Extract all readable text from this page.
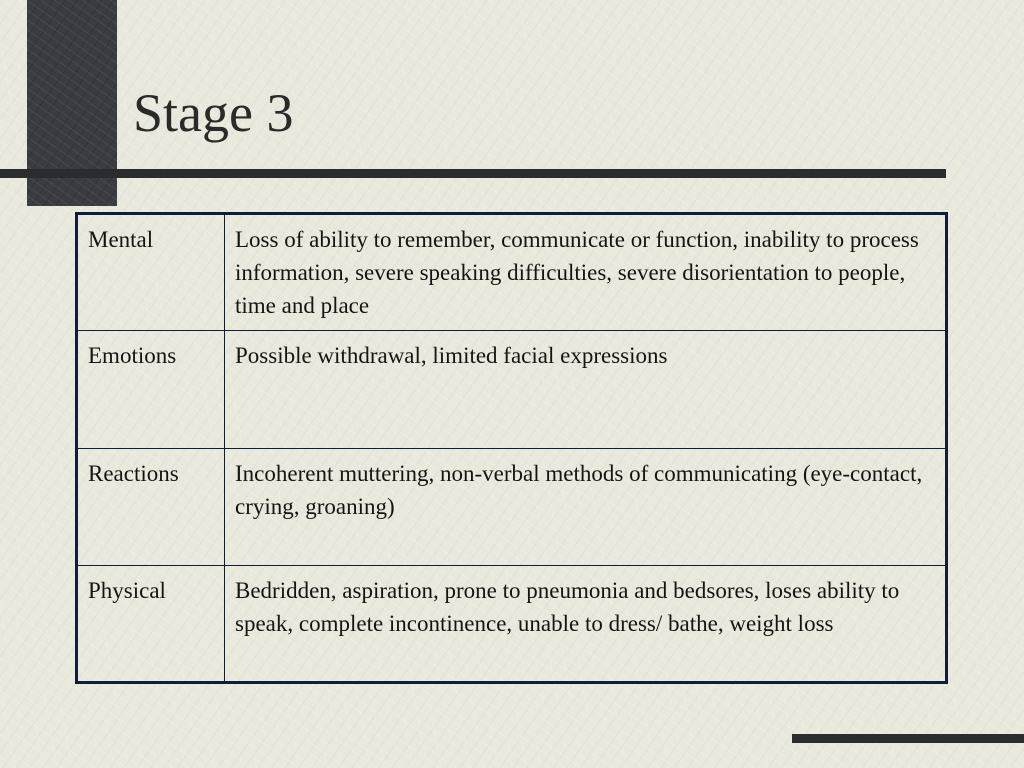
Stage 3
Mental	Loss of ability to remember, communicate or function, inability to process information, severe speaking difficulties, severe disorientation to people, time and place
Emotions	Possible withdrawal, limited facial expressions
Reactions	Incoherent muttering, non-verbal methods of communicating (eye-contact, crying, groaning)
Physical	Bedridden, aspiration, prone to pneumonia and bedsores, loses ability to speak, complete incontinence, unable to dress/ bathe, weight loss
